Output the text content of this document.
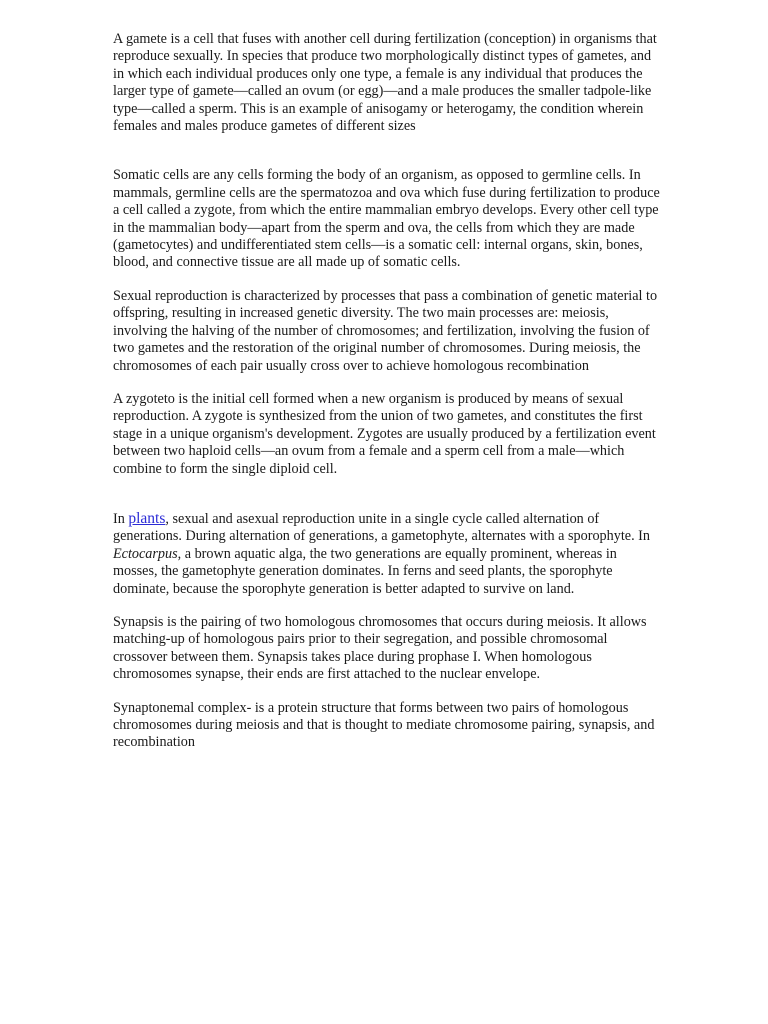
A gamete is a cell that fuses with another cell during fertilization (conception) in organisms that reproduce sexually. In species that produce two morphologically distinct types of gametes, and in which each individual produces only one type, a female is any individual that produces the larger type of gamete—called an ovum (or egg)—and a male produces the smaller tadpole-like type—called a sperm. This is an example of anisogamy or heterogamy, the condition wherein females and males produce gametes of different sizes

Somatic cells are any cells forming the body of an organism, as opposed to germline cells. In mammals, germline cells are the spermatozoa and ova which fuse during fertilization to produce a cell called a zygote, from which the entire mammalian embryo develops. Every other cell type in the mammalian body—apart from the sperm and ova, the cells from which they are made (gametocytes) and undifferentiated stem cells—is a somatic cell: internal organs, skin, bones, blood, and connective tissue are all made up of somatic cells.

Sexual reproduction is characterized by processes that pass a combination of genetic material to offspring, resulting in increased genetic diversity. The two main processes are: meiosis, involving the halving of the number of chromosomes; and fertilization, involving the fusion of two gametes and the restoration of the original number of chromosomes. During meiosis, the chromosomes of each pair usually cross over to achieve homologous recombination

A zygoteto is the initial cell formed when a new organism is produced by means of sexual reproduction. A zygote is synthesized from the union of two gametes, and constitutes the first stage in a unique organism's development. Zygotes are usually produced by a fertilization event between two haploid cells—an ovum from a female and a sperm cell from a male—which combine to form the single diploid cell.

In plants, sexual and asexual reproduction unite in a single cycle called alternation of generations. During alternation of generations, a gametophyte, alternates with a sporophyte. In Ectocarpus, a brown aquatic alga, the two generations are equally prominent, whereas in mosses, the gametophyte generation dominates. In ferns and seed plants, the sporophyte dominate, because the sporophyte generation is better adapted to survive on land.

Synapsis is the pairing of two homologous chromosomes that occurs during meiosis. It allows matching-up of homologous pairs prior to their segregation, and possible chromosomal crossover between them. Synapsis takes place during prophase I. When homologous chromosomes synapse, their ends are first attached to the nuclear envelope.

Synaptonemal complex- is a protein structure that forms between two pairs of homologous chromosomes during meiosis and that is thought to mediate chromosome pairing, synapsis, and recombination
